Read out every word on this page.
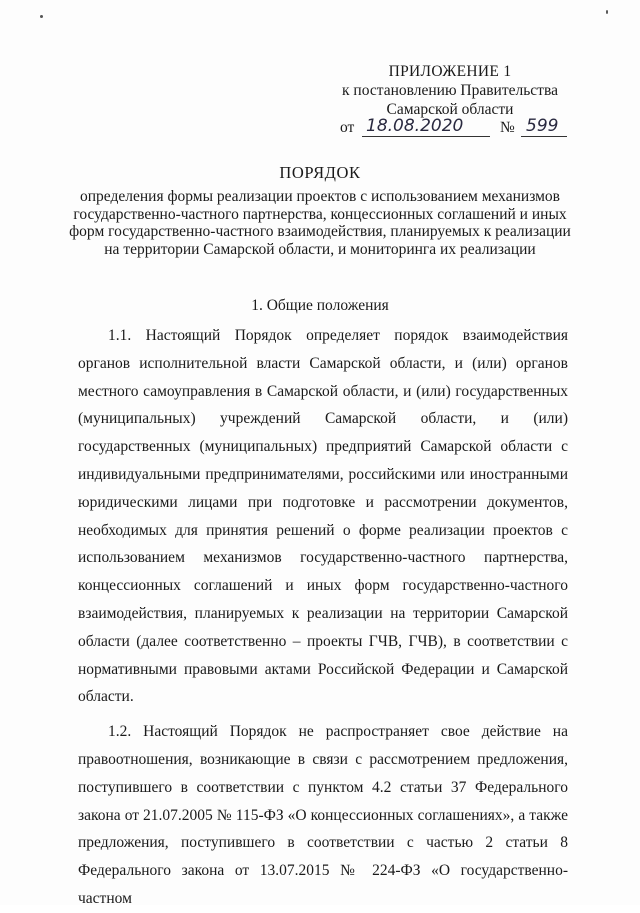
ПРИЛОЖЕНИЕ 1
к постановлению Правительства
Самарской области
от 18.08.2020 № 599
ПОРЯДОК
определения формы реализации проектов с использованием механизмов государственно-частного партнерства, концессионных соглашений и иных форм государственно-частного взаимодействия, планируемых к реализации на территории Самарской области, и мониторинга их реализации
1. Общие положения

1.1. Настоящий Порядок определяет порядок взаимодействия органов исполнительной власти Самарской области, и (или) органов местного самоуправления в Самарской области, и (или) государственных (муниципальных) учреждений Самарской области, и (или) государственных (муниципальных) предприятий Самарской области с индивидуальными предпринимателями, российскими или иностранными юридическими лицами при подготовке и рассмотрении документов, необходимых для принятия решений о форме реализации проектов с использованием механизмов государственно-частного партнерства, концессионных соглашений и иных форм государственно-частного взаимодействия, планируемых к реализации на территории Самарской области (далее соответственно – проекты ГЧВ, ГЧВ), в соответствии с нормативными правовыми актами Российской Федерации и Самарской области.

1.2. Настоящий Порядок не распространяет свое действие на правоотношения, возникающие в связи с рассмотрением предложения, поступившего в соответствии с пунктом 4.2 статьи 37 Федерального закона от 21.07.2005 № 115-ФЗ «О концессионных соглашениях», а также предложения, поступившего в соответствии с частью 2 статьи 8 Федерального закона от 13.07.2015 № 224-ФЗ «О государственно-частном
